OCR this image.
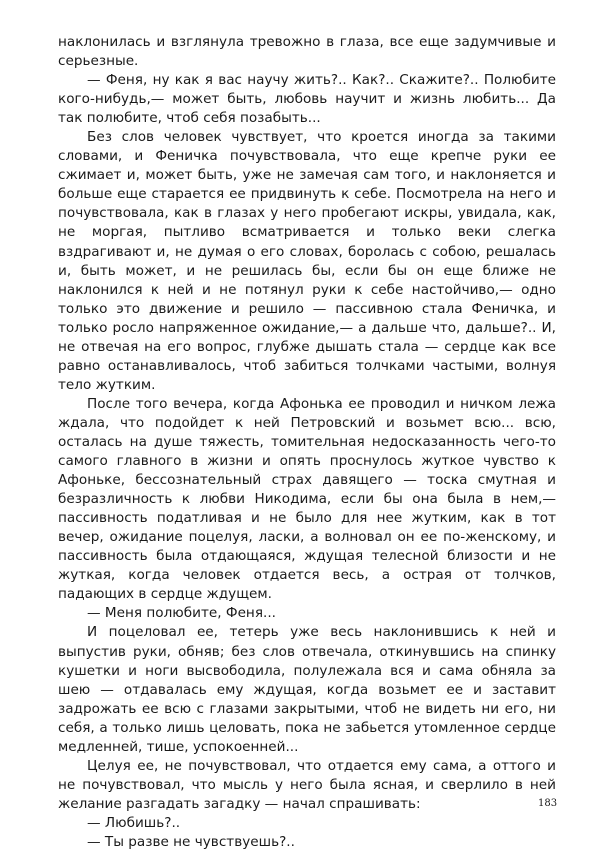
наклонилась и взглянула тревожно в глаза, все еще задумчивые и серьезные.

— Феня, ну как я вас научу жить?.. Как?.. Скажите?.. Полюбите кого-нибудь,— может быть, любовь научит и жизнь любить... Да так полюбите, чтоб себя позабыть...

Без слов человек чувствует, что кроется иногда за такими словами, и Феничка почувствовала, что еще крепче руки ее сжимает и, может быть, уже не замечая сам того, и наклоняется и больше еще старается ее придвинуть к себе. Посмотрела на него и почувствовала, как в глазах у него пробегают искры, увидала, как, не моргая, пытливо всматривается и только веки слегка вздрагивают и, не думая о его словах, боролась с собою, решалась и, быть может, и не решилась бы, если бы он еще ближе не наклонился к ней и не потянул руки к себе настойчиво,— одно только это движение и решило — пассивною стала Феничка, и только росло напряженное ожидание,— а дальше что, дальше?.. И, не отвечая на его вопрос, глубже дышать стала — сердце как все равно останавливалось, чтоб забиться толчками частыми, волнуя тело жутким.

После того вечера, когда Афонька ее проводил и ничком лежа ждала, что подойдет к ней Петровский и возьмет всю... всю, осталась на душе тяжесть, томительная недосказанность чего-то самого главного в жизни и опять проснулось жуткое чувство к Афоньке, бессознательный страх давящего — тоска смутная и безразличность к любви Никодима, если бы она была в нем,— пассивность податливая и не было для нее жутким, как в тот вечер, ожидание поцелуя, ласки, а волновал он ее по-женскому, и пассивность была отдающаяся, ждущая телесной близости и не жуткая, когда человек отдается весь, а острая от толчков, падающих в сердце ждущем.

— Меня полюбите, Феня...

И поцеловал ее, тетерь уже весь наклонившись к ней и выпустив руки, обняв; без слов отвечала, откинувшись на спинку кушетки и ноги высвободила, полулежала вся и сама обняла за шею — отдавалась ему ждущая, когда возьмет ее и заставит задрожать ее всю с глазами закрытыми, чтоб не видеть ни его, ни себя, а только лишь целовать, пока не забьется утомленное сердце медленней, тише, успокоенней...

Целуя ее, не почувствовал, что отдается ему сама, а оттого и не почувствовал, что мысль у него была ясная, и сверлило в ней желание разгадать загадку — начал спрашивать:

— Любишь?..

— Ты разве не чувствуешь?..

183
